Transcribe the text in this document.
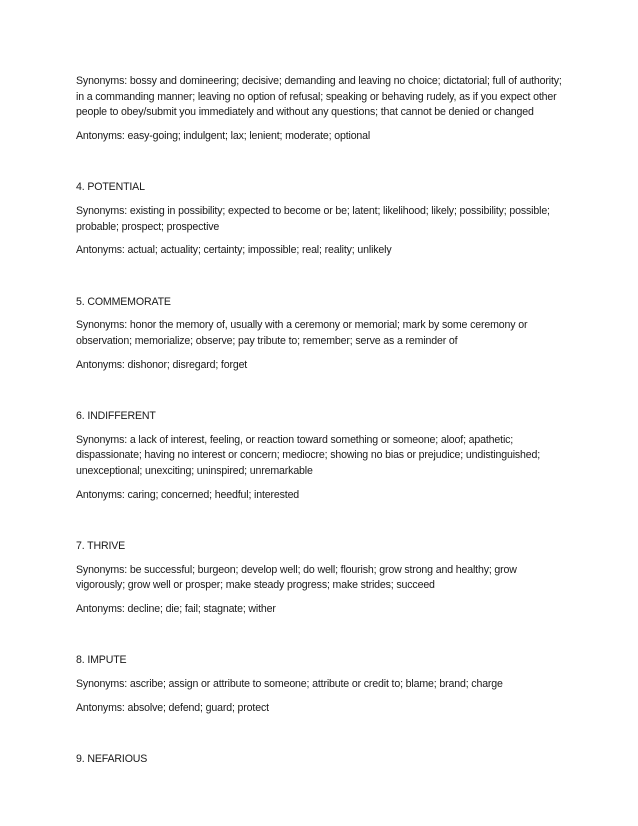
Synonyms: bossy and domineering; decisive; demanding and leaving no choice; dictatorial; full of authority; in a commanding manner; leaving no option of refusal; speaking or behaving rudely, as if you expect other people to obey/submit you immediately and without any questions; that cannot be denied or changed

Antonyms: easy-going; indulgent; lax; lenient; moderate; optional

4. POTENTIAL

Synonyms: existing in possibility; expected to become or be; latent; likelihood; likely; possibility; possible; probable; prospect; prospective

Antonyms: actual; actuality; certainty; impossible; real; reality; unlikely

5. COMMEMORATE

Synonyms: honor the memory of, usually with a ceremony or memorial; mark by some ceremony or observation; memorialize; observe; pay tribute to; remember; serve as a reminder of

Antonyms: dishonor; disregard; forget

6. INDIFFERENT

Synonyms: a lack of interest, feeling, or reaction toward something or someone; aloof; apathetic; dispassionate; having no interest or concern; mediocre; showing no bias or prejudice; undistinguished; unexceptional; unexciting; uninspired; unremarkable

Antonyms: caring; concerned; heedful; interested

7. THRIVE

Synonyms: be successful; burgeon; develop well; do well; flourish; grow strong and healthy; grow vigorously; grow well or prosper; make steady progress; make strides; succeed

Antonyms: decline; die; fail; stagnate; wither

8. IMPUTE

Synonyms: ascribe; assign or attribute to someone; attribute or credit to; blame; brand; charge

Antonyms: absolve; defend; guard; protect

9. NEFARIOUS
